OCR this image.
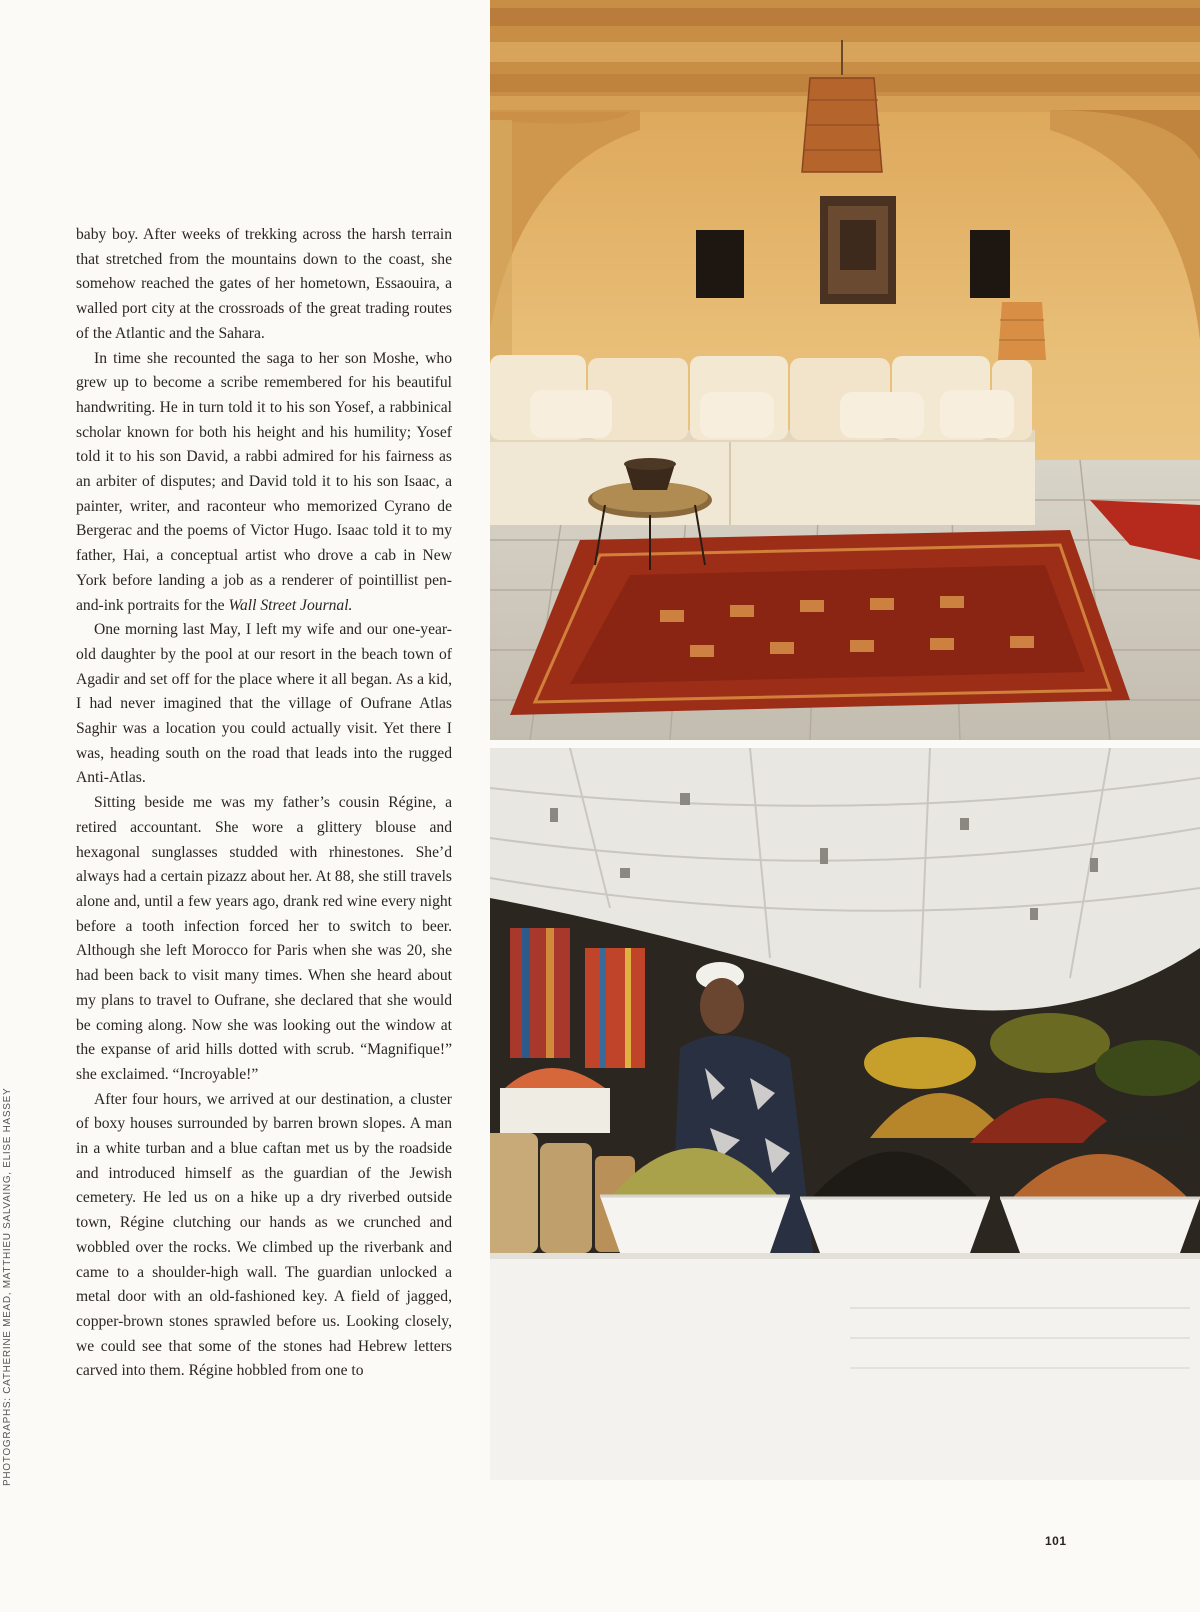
PHOTOGRAPHS: CATHERINE MEAD, MATTHIEU SALVAING, ELISE HASSEY

baby boy. After weeks of trekking across the harsh terrain that stretched from the mountains down to the coast, she somehow reached the gates of her hometown, Essaouira, a walled port city at the crossroads of the great trading routes of the Atlantic and the Sahara.

In time she recounted the saga to her son Moshe, who grew up to become a scribe remembered for his beautiful handwriting. He in turn told it to his son Yosef, a rabbinical scholar known for both his height and his humility; Yosef told it to his son David, a rabbi admired for his fairness as an arbiter of disputes; and David told it to his son Isaac, a painter, writer, and raconteur who memorized Cyrano de Bergerac and the poems of Victor Hugo. Isaac told it to my father, Hai, a conceptual artist who drove a cab in New York before landing a job as a renderer of pointillist pen-and-ink portraits for the Wall Street Journal.

One morning last May, I left my wife and our one-year-old daughter by the pool at our resort in the beach town of Agadir and set off for the place where it all began. As a kid, I had never imagined that the village of Oufrane Atlas Saghir was a location you could actually visit. Yet there I was, heading south on the road that leads into the rugged Anti-Atlas.

Sitting beside me was my father’s cousin Régine, a retired accountant. She wore a glittery blouse and hexagonal sunglasses studded with rhinestones. She’d always had a certain pizazz about her. At 88, she still travels alone and, until a few years ago, drank red wine every night before a tooth infection forced her to switch to beer. Although she left Morocco for Paris when she was 20, she had been back to visit many times. When she heard about my plans to travel to Oufrane, she declared that she would be coming along. Now she was looking out the window at the expanse of arid hills dotted with scrub. “Magnifique!” she exclaimed. “Incroyable!”

After four hours, we arrived at our destination, a cluster of boxy houses surrounded by barren brown slopes. A man in a white turban and a blue caftan met us by the roadside and introduced himself as the guardian of the Jewish cemetery. He led us on a hike up a dry riverbed outside town, Régine clutching our hands as we crunched and wobbled over the rocks. We climbed up the riverbank and came to a shoulder-high wall. The guardian unlocked a metal door with an old-fashioned key. A field of jagged, copper-brown stones sprawled before us. Looking closely, we could see that some of the stones had Hebrew letters carved into them. Régine hobbled from one to

101
